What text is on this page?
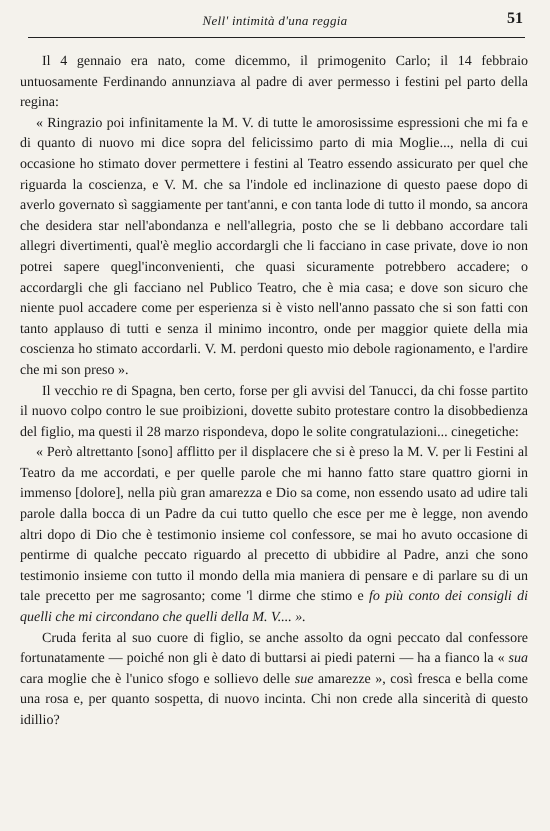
Nell' intimità d'una reggia	51

Il 4 gennaio era nato, come dicemmo, il primogenito Carlo; il 14 febbraio untuosamente Ferdinando annunziava al padre di aver permesso i festini pel parto della regina:

« Ringrazio poi infinitamente la M. V. di tutte le amorosissime espressioni che mi fa e di quanto di nuovo mi dice sopra del felicissimo parto di mia Moglie..., nella di cui occasione ho stimato dover permettere i festini al Teatro essendo assicurato per quel che riguarda la coscienza, e V. M. che sa l'indole ed inclinazione di questo paese dopo di averlo governato sì saggiamente per tant'anni, e con tanta lode di tutto il mondo, sa ancora che desidera star nell'abondanza e nell'allegria, posto che se li debbano accordare tali allegri divertimenti, qual'è meglio accordargli che li facciano in case private, dove io non potrei sapere quegl'inconvenienti, che quasi sicuramente potrebbero accadere; o accordargli che gli facciano nel Publico Teatro, che è mia casa; e dove son sicuro che niente puol accadere come per esperienza si è visto nell'anno passato che si son fatti con tanto applauso di tutti e senza il minimo incontro, onde per maggior quiete della mia coscienza ho stimato accordarli. V. M. perdoni questo mio debole ragionamento, e l'ardire che mi son preso ».

Il vecchio re di Spagna, ben certo, forse per gli avvisi del Tanucci, da chi fosse partito il nuovo colpo contro le sue proibizioni, dovette subito protestare contro la disobbedienza del figlio, ma questi il 28 marzo rispondeva, dopo le solite congratulazioni... cinegetiche:

« Però altrettanto [sono] afflitto per il displacere che si è preso la M. V. per li Festini al Teatro da me accordati, e per quelle parole che mi hanno fatto stare quattro giorni in immenso [dolore], nella più gran amarezza e Dio sa come, non essendo usato ad udire tali parole dalla bocca di un Padre da cui tutto quello che esce per me è legge, non avendo altri dopo di Dio che è testimonio insieme col confessore, se mai ho avuto occasione di pentirme di qualche peccato riguardo al precetto di ubbidire al Padre, anzi che sono testimonio insieme con tutto il mondo della mia maniera di pensare e di parlare su di un tale precetto per me sagrosanto; come 'l dirme che stimo e fo più conto dei consigli di quelli che mi circondano che quelli della M. V.... ».

Cruda ferita al suo cuore di figlio, se anche assolto da ogni peccato dal confessore fortunatamente — poiché non gli è dato di buttarsi ai piedi paterni — ha a fianco la « sua cara moglie che è l'unico sfogo e sollievo delle sue amarezze », così fresca e bella come una rosa e, per quanto sospetta, di nuovo incinta. Chi non crede alla sincerità di questo idillio?
